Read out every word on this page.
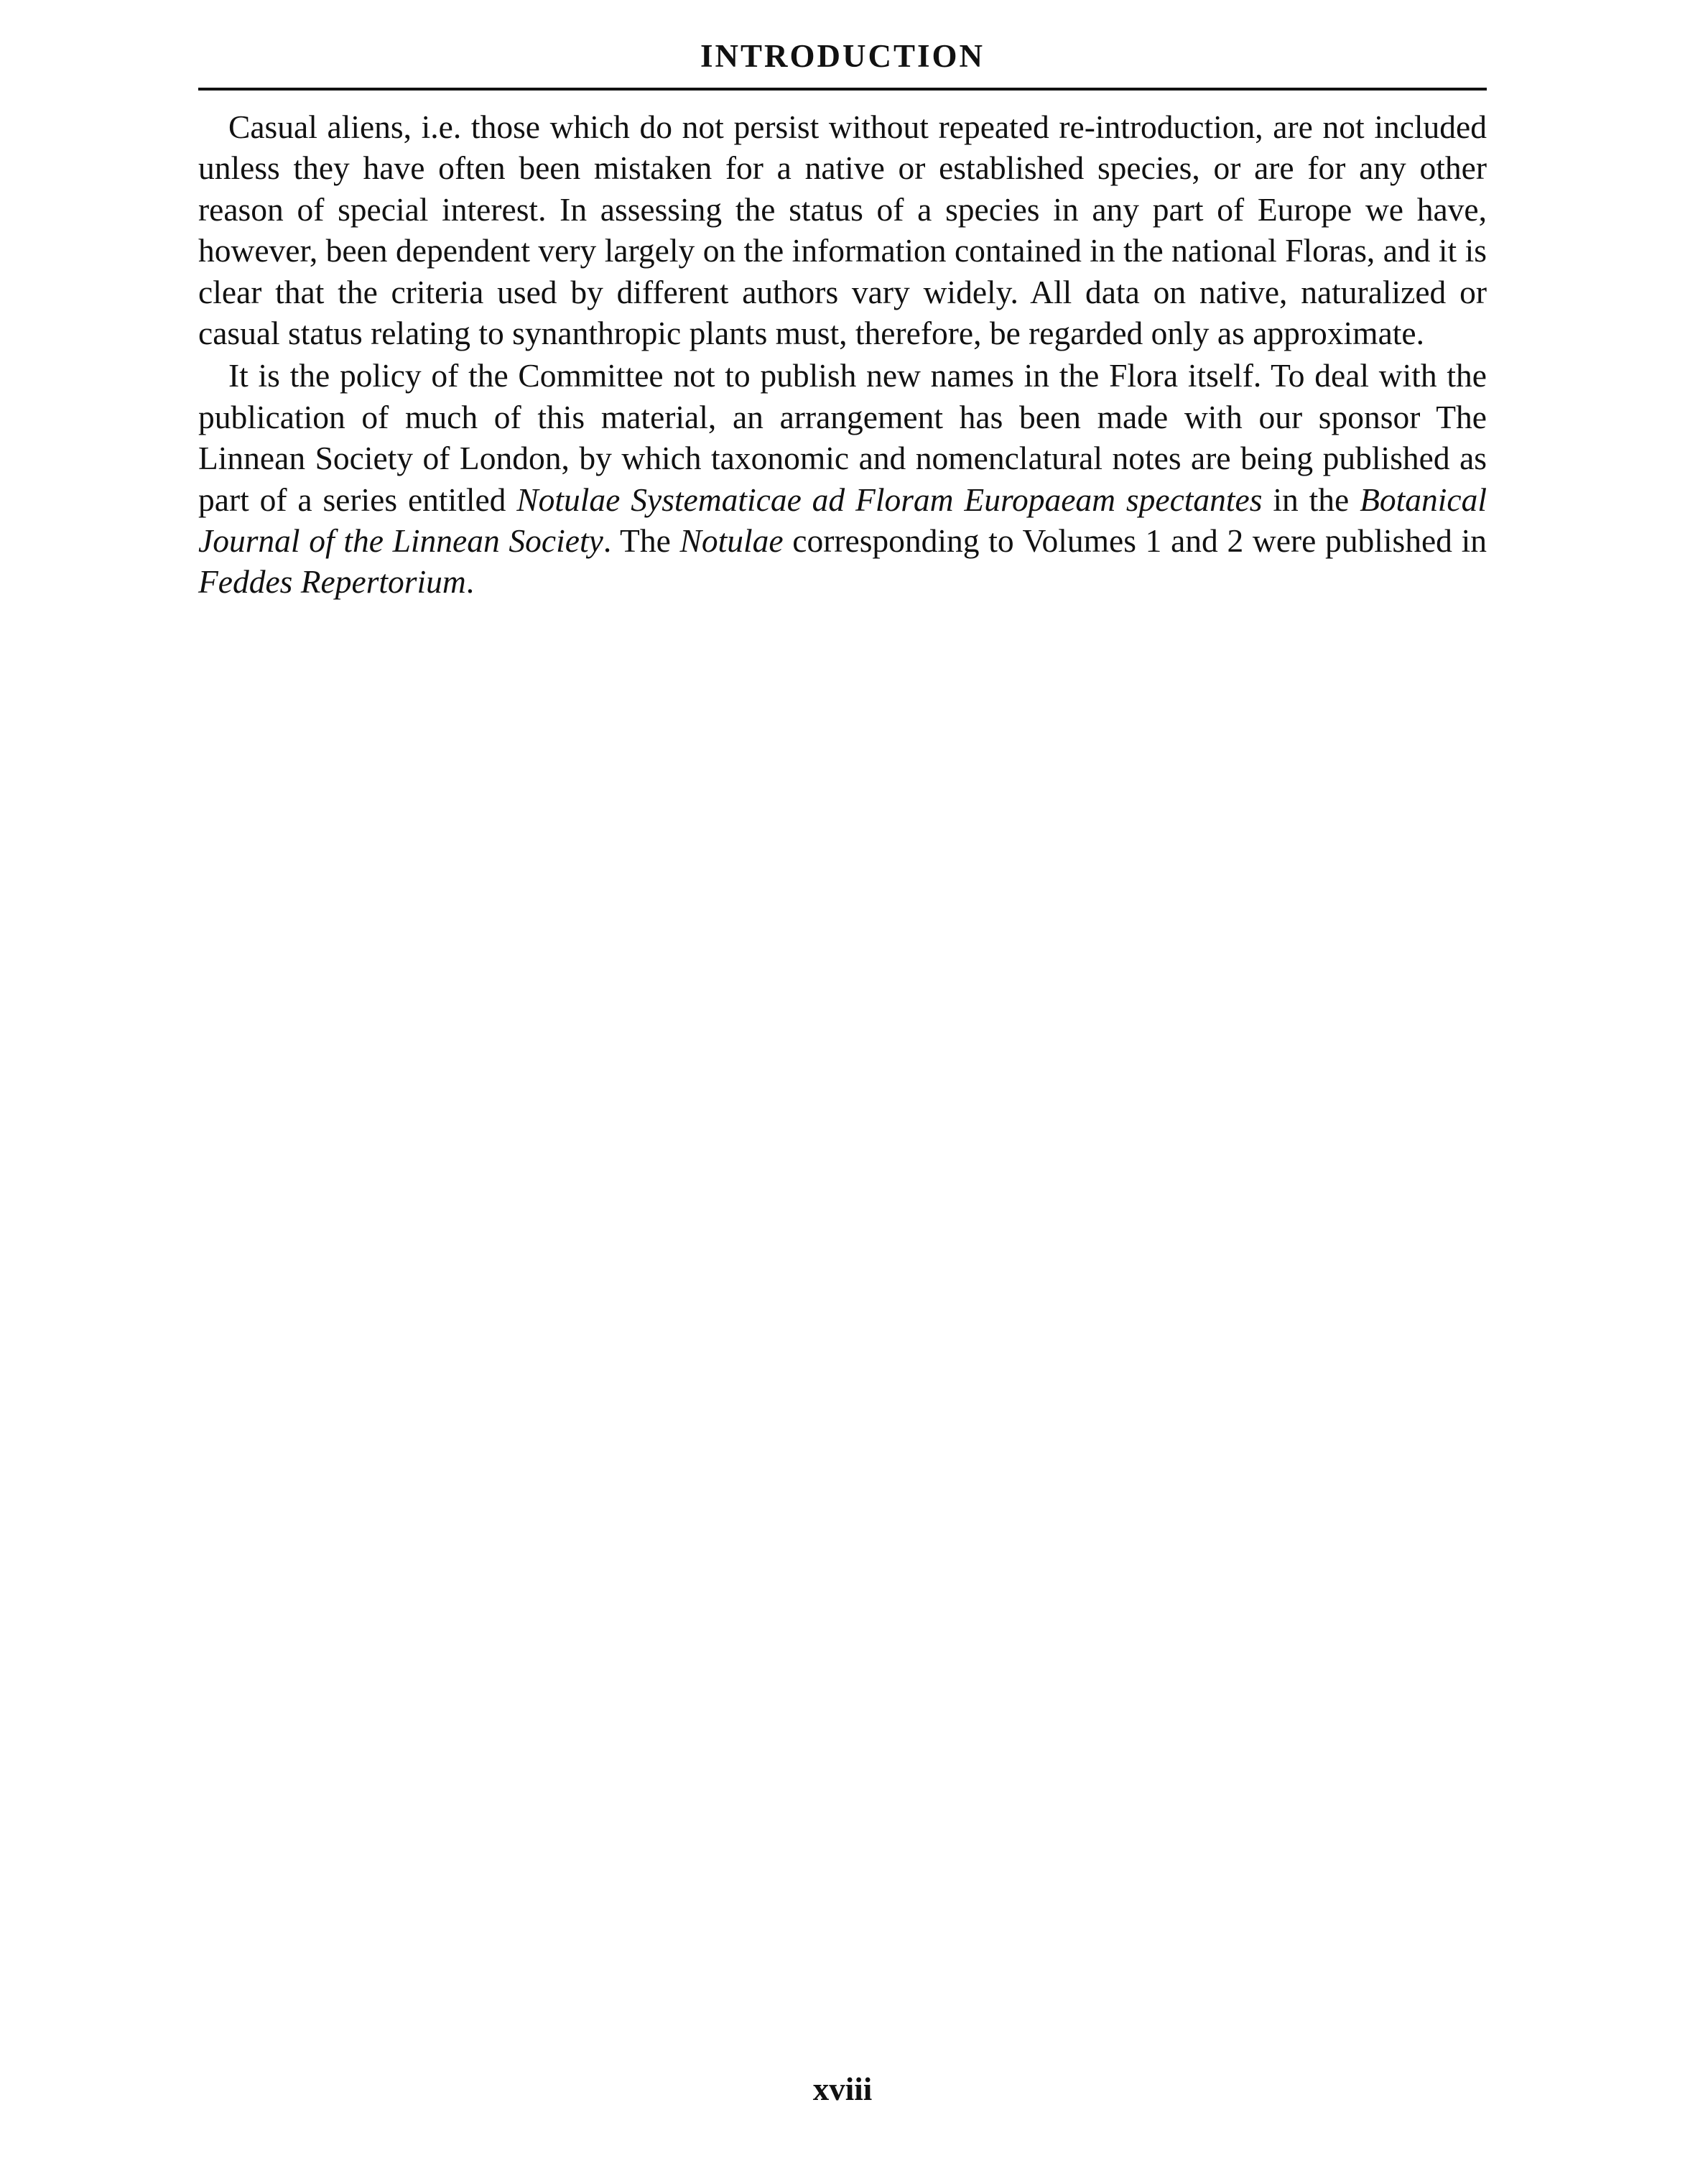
INTRODUCTION

Casual aliens, i.e. those which do not persist without repeated re-introduction, are not included unless they have often been mistaken for a native or established species, or are for any other reason of special interest. In assessing the status of a species in any part of Europe we have, however, been dependent very largely on the information contained in the national Floras, and it is clear that the criteria used by different authors vary widely. All data on native, naturalized or casual status relating to synanthropic plants must, therefore, be regarded only as approximate.

It is the policy of the Committee not to publish new names in the Flora itself. To deal with the publication of much of this material, an arrangement has been made with our sponsor The Linnean Society of London, by which taxonomic and nomenclatural notes are being published as part of a series entitled Notulae Systematicae ad Floram Europaeam spectantes in the Botanical Journal of the Linnean Society. The Notulae corresponding to Volumes 1 and 2 were published in Feddes Repertorium.

xviii
